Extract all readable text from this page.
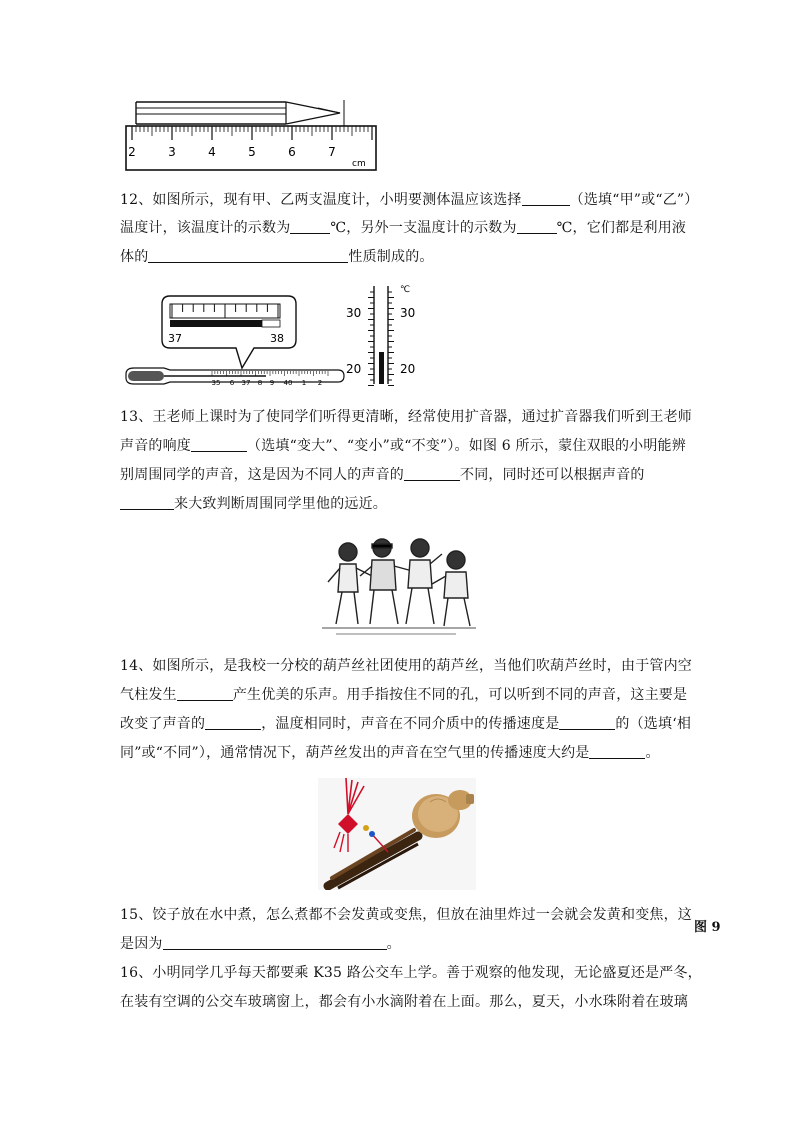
2	3	4	5	6	7
cm
12、如图所示，现有甲、乙两支温度计，小明要测体温应该选择	（选填“甲”或“乙”）
温度计，该温度计的示数为	℃，另外一支温度计的示数为	℃，它们都是利用液
体的	性质制成的。
37	38
35 6 37 8 9 40 1 2
℃
30
20
30
20
13、王老师上课时为了使同学们听得更清晰，经常使用扩音器，通过扩音器我们听到王老师
声音的响度	（选填“变大”、“变小”或“不变”）。如图 6 所示，蒙住双眼的小明能辨
别周围同学的声音，这是因为不同人的声音的	不同，同时还可以根据声音的
来大致判断周围同学里他的远近。
14、如图所示，是我校一分校的葫芦丝社团使用的葫芦丝，当他们吹葫芦丝时，由于管内空
气柱发生	产生优美的乐声。用手指按住不同的孔，可以听到不同的声音，这主要是
改变了声音的	，温度相同时，声音在不同介质中的传播速度是	的（选填‘相
同”或“不同”），通常情况下，葫芦丝发出的声音在空气里的传播速度大约是	。
15、饺子放在水中煮，怎么煮都不会发黄或变焦，但放在油里炸过一会就会发黄和变焦，这
图 9
是因为	。
16、小明同学几乎每天都要乘 K35 路公交车上学。善于观察的他发现，无论盛夏还是严冬，
在装有空调的公交车玻璃窗上，都会有小水滴附着在上面。那么，夏天，小水珠附着在玻璃
